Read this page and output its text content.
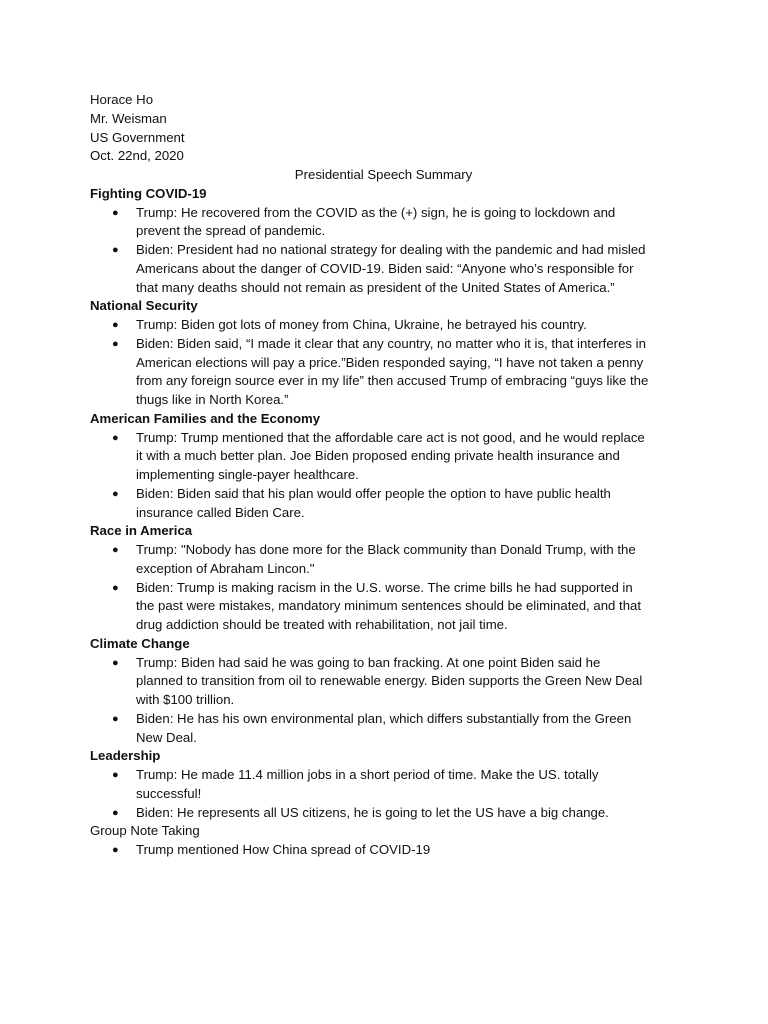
Horace Ho
Mr. Weisman
US Government
Oct. 22nd, 2020
Presidential Speech Summary
Fighting COVID-19
● Trump: He recovered from the COVID as the (+) sign, he is going to lockdown and prevent the spread of pandemic.
● Biden: President had no national strategy for dealing with the pandemic and had misled Americans about the danger of COVID-19. Biden said: “Anyone who’s responsible for that many deaths should not remain as president of the United States of America.”
National Security
● Trump: Biden got lots of money from China, Ukraine, he betrayed his country.
● Biden: Biden said, “I made it clear that any country, no matter who it is, that interferes in American elections will pay a price.”Biden responded saying, “I have not taken a penny from any foreign source ever in my life” then accused Trump of embracing “guys like the thugs like in North Korea.”
American Families and the Economy
● Trump: Trump mentioned that the affordable care act is not good, and he would replace it with a much better plan. Joe Biden proposed ending private health insurance and implementing single-payer healthcare.
● Biden: Biden said that his plan would offer people the option to have public health insurance called Biden Care.
Race in America
● Trump: "Nobody has done more for the Black community than Donald Trump, with the exception of Abraham Lincon."
● Biden: Trump is making racism in the U.S. worse. The crime bills he had supported in the past were mistakes, mandatory minimum sentences should be eliminated, and that drug addiction should be treated with rehabilitation, not jail time.
Climate Change
● Trump: Biden had said he was going to ban fracking. At one point Biden said he planned to transition from oil to renewable energy. Biden supports the Green New Deal with $100 trillion.
● Biden: He has his own environmental plan, which differs substantially from the Green New Deal.
Leadership
● Trump: He made 11.4 million jobs in a short period of time. Make the US. totally successful!
● Biden: He represents all US citizens, he is going to let the US have a big change.
Group Note Taking
● Trump mentioned How China spread of COVID-19
